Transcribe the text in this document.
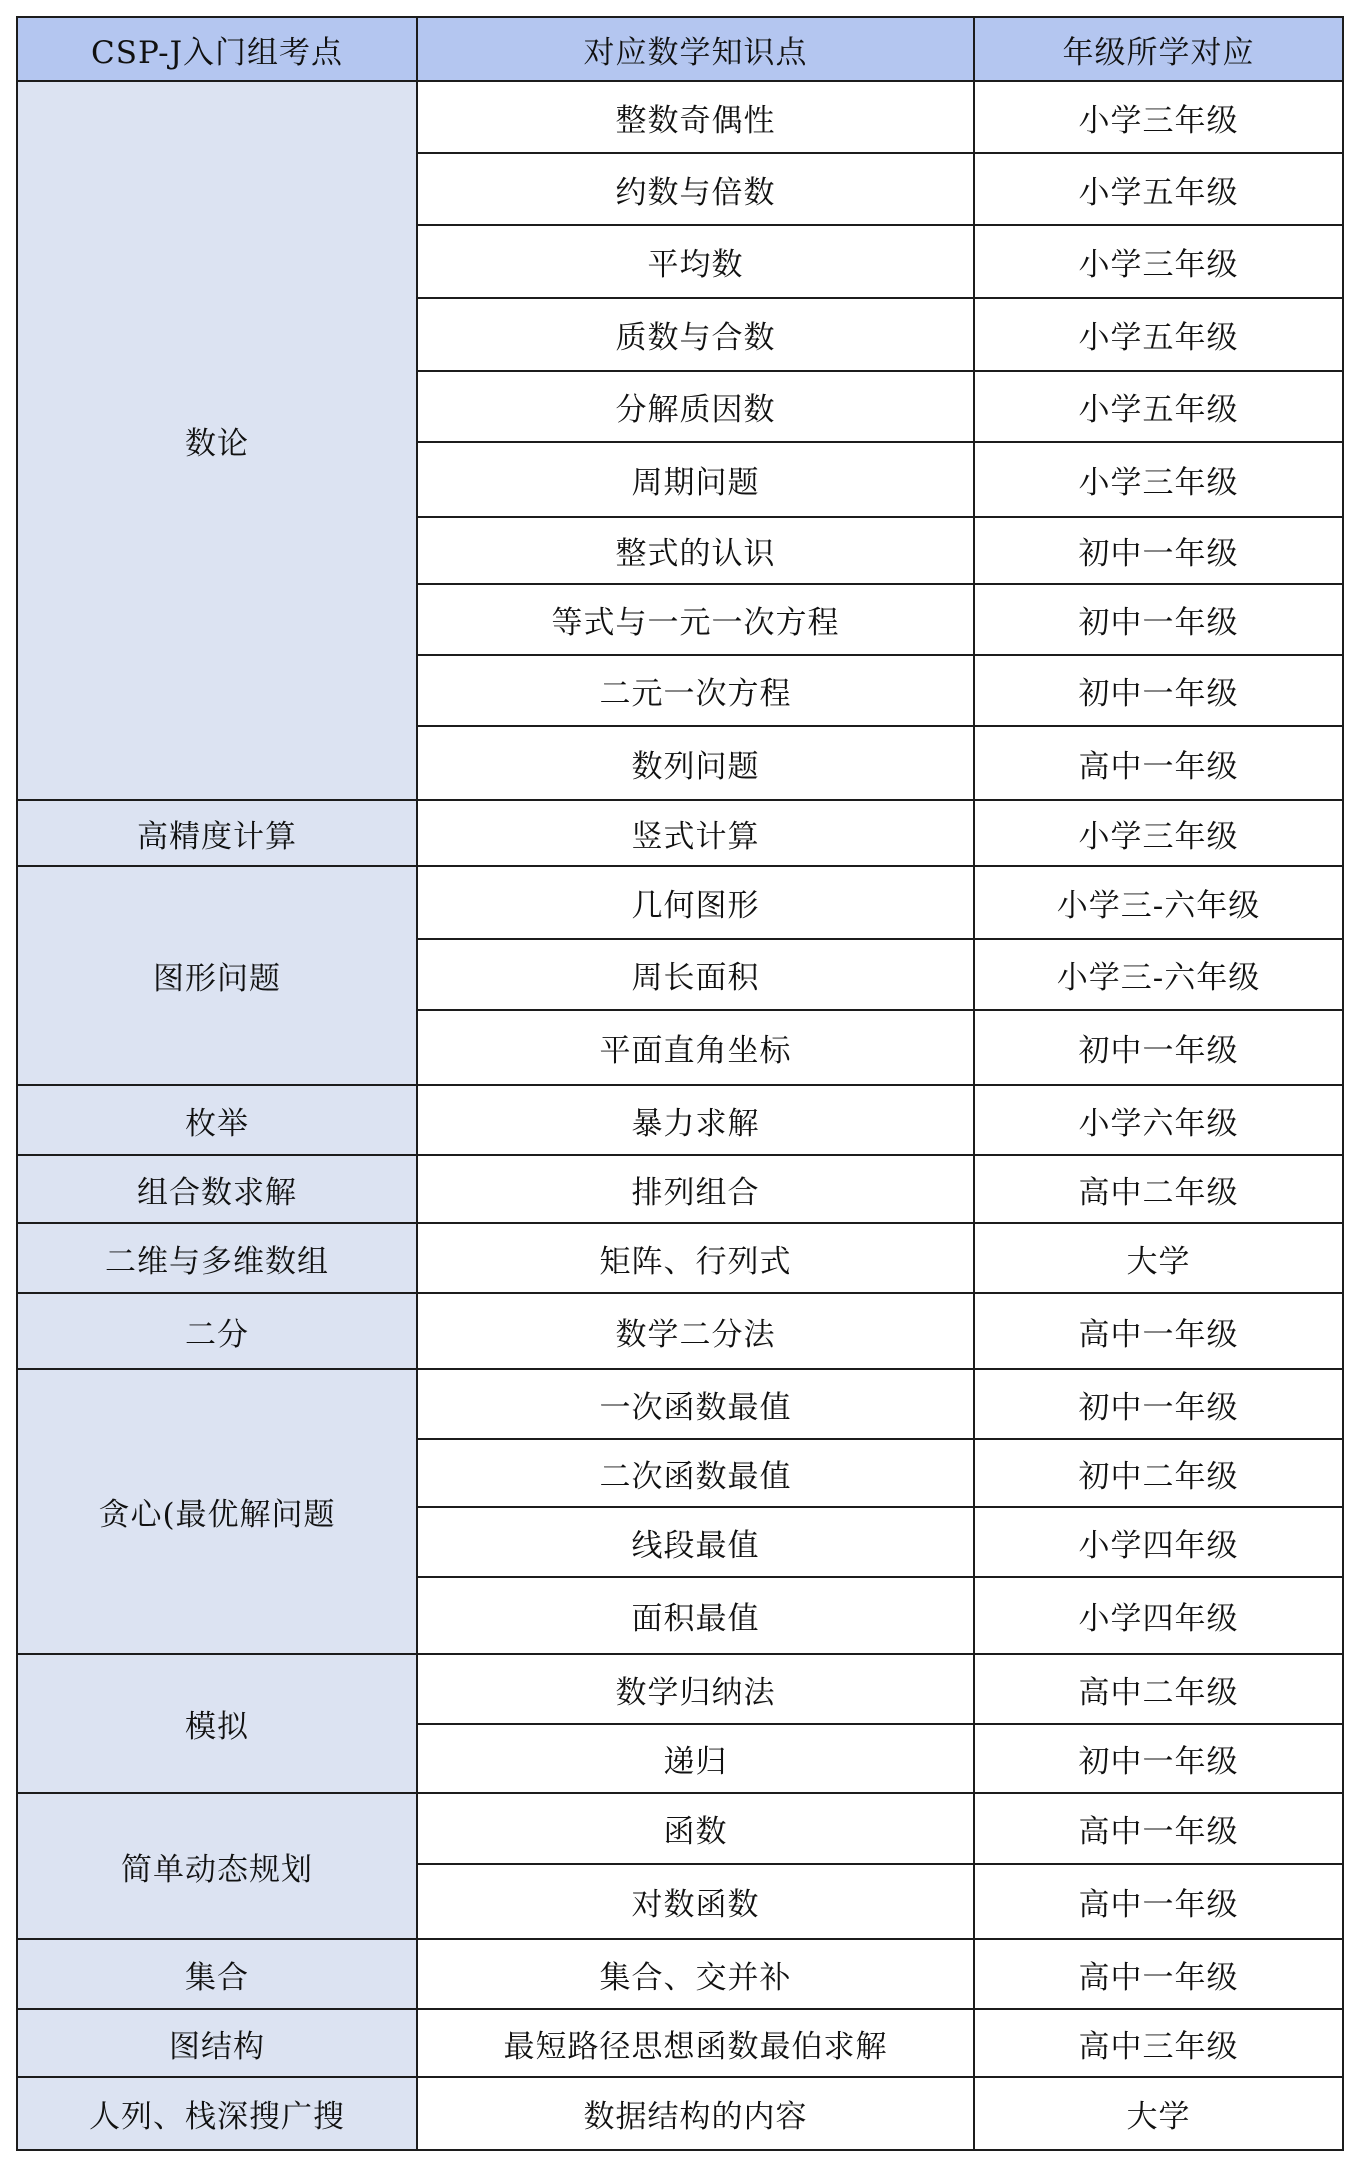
CSP-J入门组考点	对应数学知识点	年级所学对应
数论	整数奇偶性	小学三年级
	约数与倍数	小学五年级
	平均数	小学三年级
	质数与合数	小学五年级
	分解质因数	小学五年级
	周期问题	小学三年级
	整式的认识	初中一年级
	等式与一元一次方程	初中一年级
	二元一次方程	初中一年级
	数列问题	高中一年级
高精度计算	竖式计算	小学三年级
图形问题	几何图形	小学三-六年级
	周长面积	小学三-六年级
	平面直角坐标	初中一年级
枚举	暴力求解	小学六年级
组合数求解	排列组合	高中二年级
二维与多维数组	矩阵、行列式	大学
二分	数学二分法	高中一年级
贪心(最优解问题	一次函数最值	初中一年级
	二次函数最值	初中二年级
	线段最值	小学四年级
	面积最值	小学四年级
模拟	数学归纳法	高中二年级
	递归	初中一年级
简单动态规划	函数	高中一年级
	对数函数	高中一年级
集合	集合、交并补	高中一年级
图结构	最短路径思想函数最伯求解	高中三年级
人列、栈深搜广搜	数据结构的内容	大学
